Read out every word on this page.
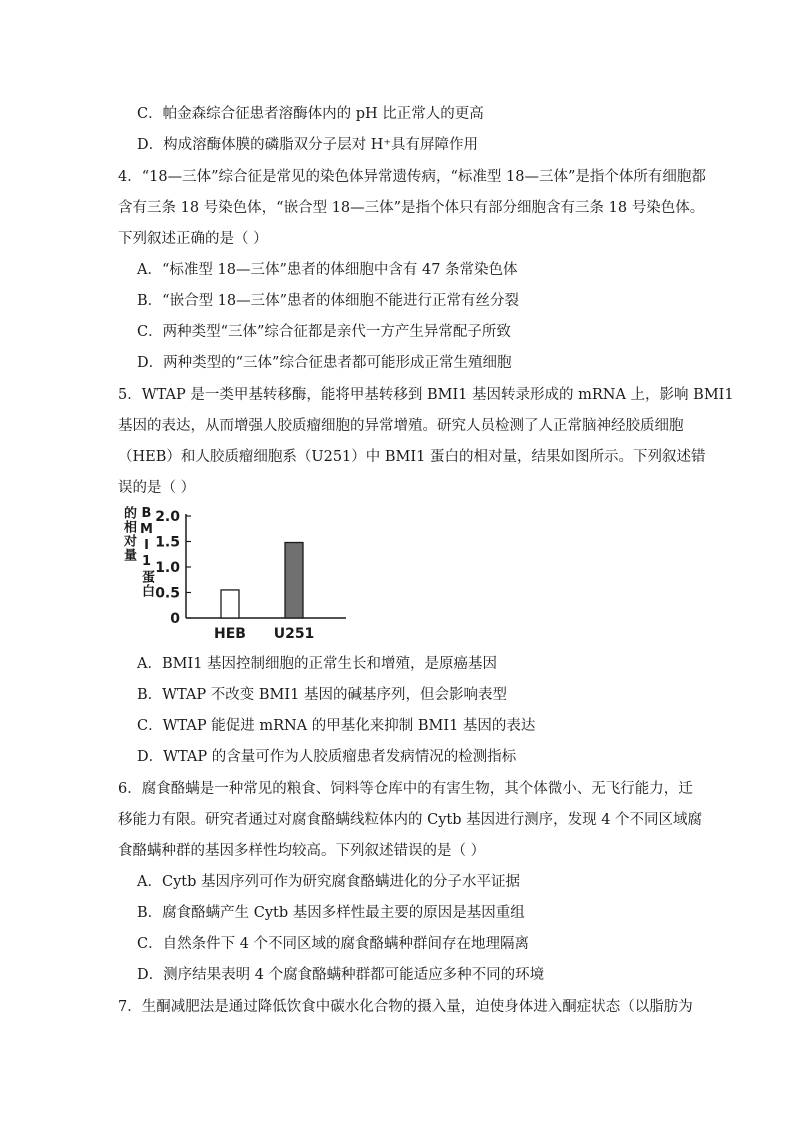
C．帕金森综合征患者溶酶体内的 pH 比正常人的更高
D．构成溶酶体膜的磷脂双分子层对 H⁺具有屏障作用
4．“18—三体”综合征是常见的染色体异常遗传病，“标准型 18—三体”是指个体所有细胞都
含有三条 18 号染色体，“嵌合型 18—三体”是指个体只有部分细胞含有三条 18 号染色体。
下列叙述正确的是（ ）
A．“标准型 18—三体”患者的体细胞中含有 47 条常染色体
B．“嵌合型 18—三体”患者的体细胞不能进行正常有丝分裂
C．两种类型“三体”综合征都是亲代一方产生异常配子所致
D．两种类型的“三体”综合征患者都可能形成正常生殖细胞
5．WTAP 是一类甲基转移酶，能将甲基转移到 BMI1 基因转录形成的 mRNA 上，影响 BMI1
基因的表达，从而增强人胶质瘤细胞的异常增殖。研究人员检测了人正常脑神经胶质细胞
（HEB）和人胶质瘤细胞系（U251）中 BMI1 蛋白的相对量，结果如图所示。下列叙述错
误的是（ ）
BMI1蛋白
的相对量
0
0.5
1.0
1.5
2.0
HEB U251
A．BMI1 基因控制细胞的正常生长和增殖，是原癌基因
B．WTAP 不改变 BMI1 基因的碱基序列，但会影响表型
C．WTAP 能促进 mRNA 的甲基化来抑制 BMI1 基因的表达
D．WTAP 的含量可作为人胶质瘤患者发病情况的检测指标
6．腐食酪螨是一种常见的粮食、饲料等仓库中的有害生物，其个体微小、无飞行能力，迁
移能力有限。研究者通过对腐食酪螨线粒体内的 Cytb 基因进行测序，发现 4 个不同区域腐
食酪螨种群的基因多样性均较高。下列叙述错误的是（ ）
A．Cytb 基因序列可作为研究腐食酪螨进化的分子水平证据
B．腐食酪螨产生 Cytb 基因多样性最主要的原因是基因重组
C．自然条件下 4 个不同区域的腐食酪螨种群间存在地理隔离
D．测序结果表明 4 个腐食酪螨种群都可能适应多种不同的环境
7．生酮减肥法是通过降低饮食中碳水化合物的摄入量，迫使身体进入酮症状态（以脂肪为
